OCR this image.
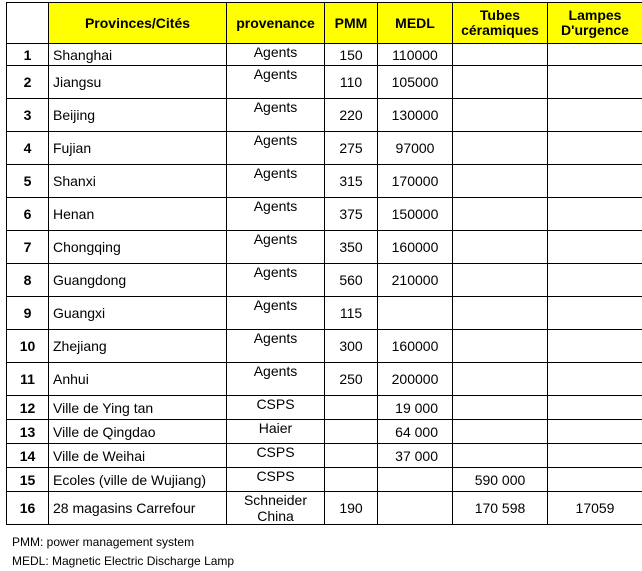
	Provinces/Cités	provenance	PMM	MEDL	Tubes céramiques	Lampes D'urgence
1	Shanghai	Agents	150	110000		
2	Jiangsu	Agents	110	105000		
3	Beijing	Agents	220	130000		
4	Fujian	Agents	275	97000		
5	Shanxi	Agents	315	170000		
6	Henan	Agents	375	150000		
7	Chongqing	Agents	350	160000		
8	Guangdong	Agents	560	210000		
9	Guangxi	Agents	115			
10	Zhejiang	Agents	300	160000		
11	Anhui	Agents	250	200000		
12	Ville de Ying tan	CSPS		19 000		
13	Ville de Qingdao	Haier		64 000		
14	Ville de Weihai	CSPS		37 000		
15	Ecoles (ville de Wujiang)	CSPS			590 000	
16	28 magasins Carrefour	Schneider China	190		170 598	17059
PMM: power management system
MEDL: Magnetic Electric Discharge Lamp
